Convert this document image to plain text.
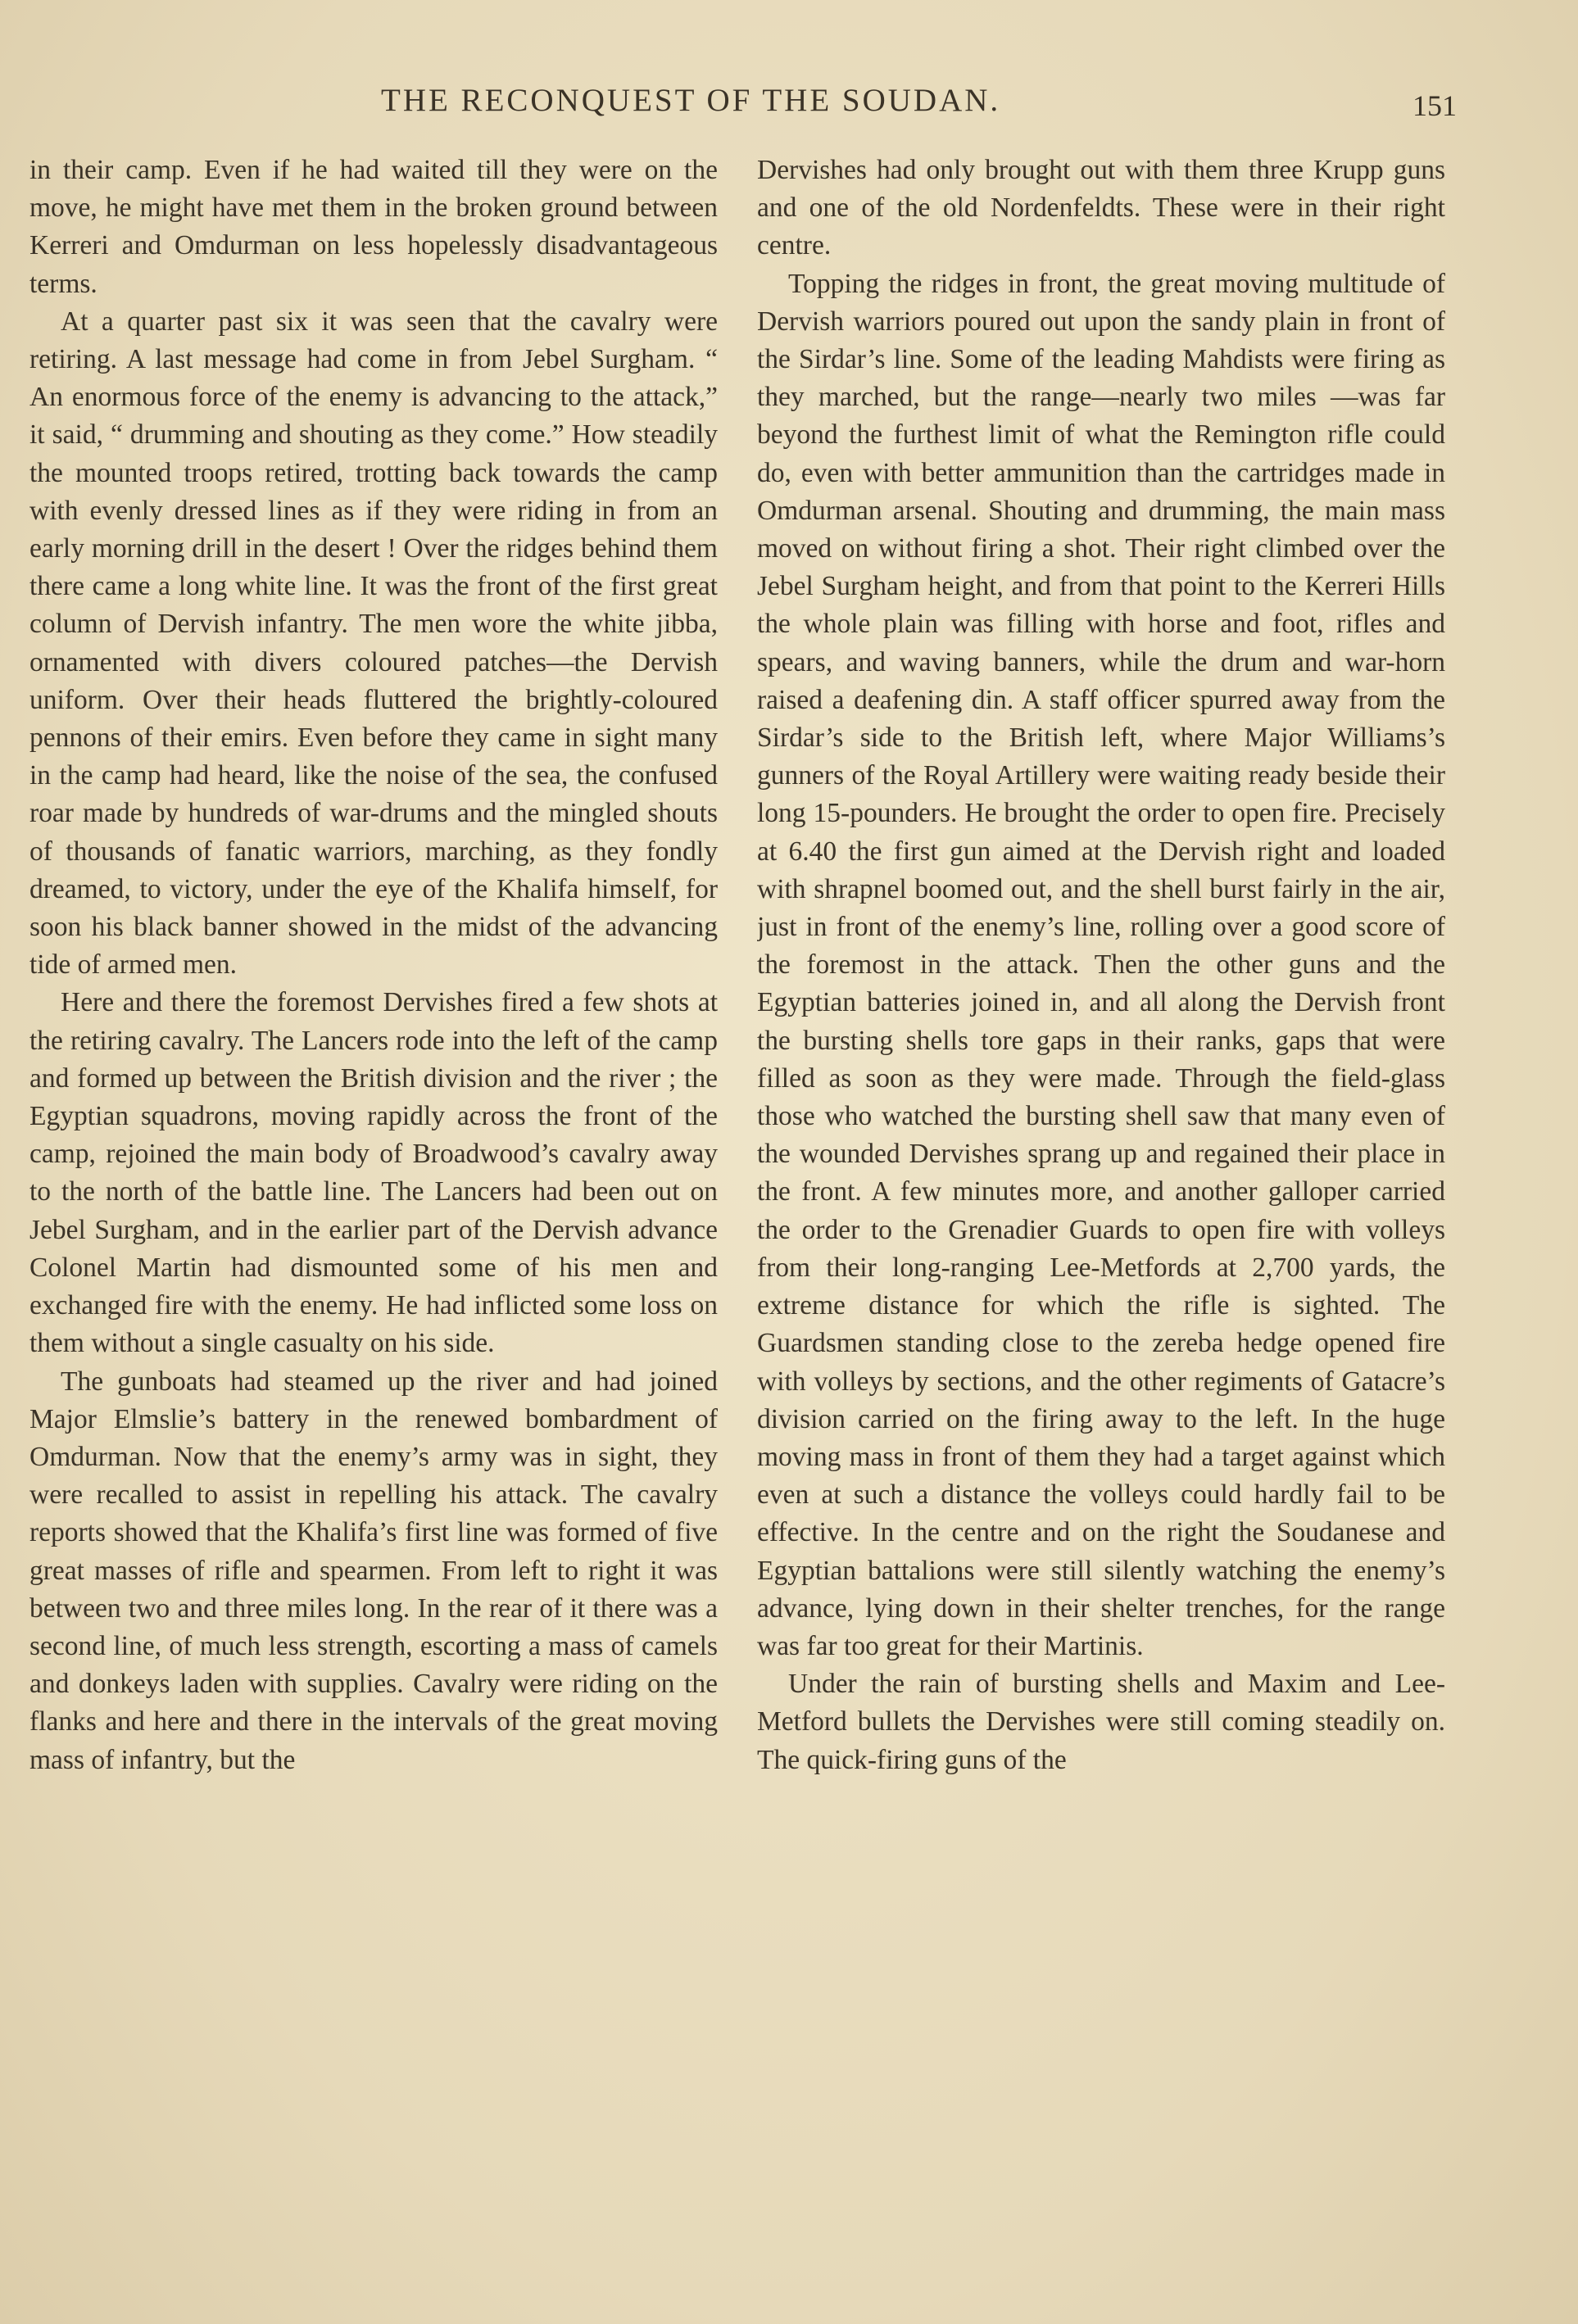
THE RECONQUEST OF THE SOUDAN.	151

in their camp. Even if he had waited till they were on the move, he might have met them in the broken ground between Kerreri and Omdurman on less hopelessly disadvantageous terms.

At a quarter past six it was seen that the cavalry were retiring. A last message had come in from Jebel Surgham. “ An enormous force of the enemy is advancing to the attack,” it said, “ drumming and shouting as they come.” How steadily the mounted troops retired, trotting back towards the camp with evenly dressed lines as if they were riding in from an early morning drill in the desert ! Over the ridges behind them there came a long white line. It was the front of the first great column of Dervish infantry. The men wore the white jibba, ornamented with divers coloured patches—the Dervish uniform. Over their heads fluttered the brightly-coloured pennons of their emirs. Even before they came in sight many in the camp had heard, like the noise of the sea, the confused roar made by hundreds of war-drums and the mingled shouts of thousands of fanatic warriors, marching, as they fondly dreamed, to victory, under the eye of the Khalifa himself, for soon his black banner showed in the midst of the advancing tide of armed men.

Here and there the foremost Dervishes fired a few shots at the retiring cavalry. The Lancers rode into the left of the camp and formed up between the British division and the river ; the Egyptian squadrons, moving rapidly across the front of the camp, rejoined the main body of Broadwood’s cavalry away to the north of the battle line. The Lancers had been out on Jebel Surgham, and in the earlier part of the Dervish advance Colonel Martin had dismounted some of his men and exchanged fire with the enemy. He had inflicted some loss on them without a single casualty on his side.

The gunboats had steamed up the river and had joined Major Elmslie’s battery in the renewed bombardment of Omdurman. Now that the enemy’s army was in sight, they were recalled to assist in repelling his attack. The cavalry reports showed that the Khalifa’s first line was formed of five great masses of rifle and spearmen. From left to right it was between two and three miles long. In the rear of it there was a second line, of much less strength, escorting a mass of camels and donkeys laden with supplies. Cavalry were riding on the flanks and here and there in the intervals of the great moving mass of infantry, but the

Dervishes had only brought out with them three Krupp guns and one of the old Nordenfeldts. These were in their right centre.

Topping the ridges in front, the great moving multitude of Dervish warriors poured out upon the sandy plain in front of the Sirdar’s line. Some of the leading Mahdists were firing as they marched, but the range—nearly two miles —was far beyond the furthest limit of what the Remington rifle could do, even with better ammunition than the cartridges made in Omdurman arsenal. Shouting and drumming, the main mass moved on without firing a shot. Their right climbed over the Jebel Surgham height, and from that point to the Kerreri Hills the whole plain was filling with horse and foot, rifles and spears, and waving banners, while the drum and war-horn raised a deafening din. A staff officer spurred away from the Sirdar’s side to the British left, where Major Williams’s gunners of the Royal Artillery were waiting ready beside their long 15-pounders. He brought the order to open fire. Precisely at 6.40 the first gun aimed at the Dervish right and loaded with shrapnel boomed out, and the shell burst fairly in the air, just in front of the enemy’s line, rolling over a good score of the foremost in the attack. Then the other guns and the Egyptian batteries joined in, and all along the Dervish front the bursting shells tore gaps in their ranks, gaps that were filled as soon as they were made. Through the field-glass those who watched the bursting shell saw that many even of the wounded Dervishes sprang up and regained their place in the front. A few minutes more, and another galloper carried the order to the Grenadier Guards to open fire with volleys from their long-ranging Lee-Metfords at 2,700 yards, the extreme distance for which the rifle is sighted. The Guardsmen standing close to the zereba hedge opened fire with volleys by sections, and the other regiments of Gatacre’s division carried on the firing away to the left. In the huge moving mass in front of them they had a target against which even at such a distance the volleys could hardly fail to be effective. In the centre and on the right the Soudanese and Egyptian battalions were still silently watching the enemy’s advance, lying down in their shelter trenches, for the range was far too great for their Martinis.

Under the rain of bursting shells and Maxim and Lee-Metford bullets the Dervishes were still coming steadily on. The quick-firing guns of the
